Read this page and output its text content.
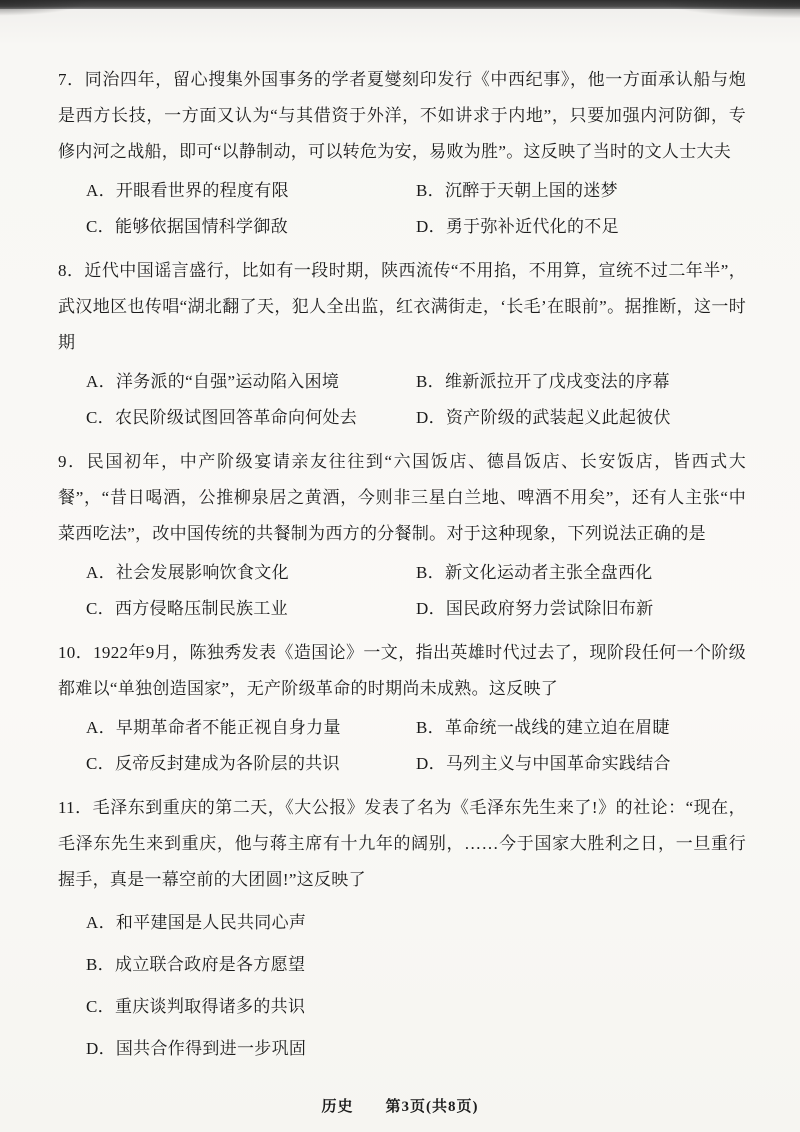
7．同治四年，留心搜集外国事务的学者夏燮刻印发行《中西纪事》，他一方面承认船与炮是西方长技，一方面又认为“与其借资于外洋，不如讲求于内地”，只要加强内河防御，专修内河之战船，即可“以静制动，可以转危为安，易败为胜”。这反映了当时的文人士大夫

A．开眼看世界的程度有限	B．沉醉于天朝上国的迷梦
C．能够依据国情科学御敌	D．勇于弥补近代化的不足

8．近代中国谣言盛行，比如有一段时期，陕西流传“不用掐，不用算，宣统不过二年半”，武汉地区也传唱“湖北翻了天，犯人全出监，红衣满街走，‘长毛’在眼前”。据推断，这一时期

A．洋务派的“自强”运动陷入困境	B．维新派拉开了戊戌变法的序幕
C．农民阶级试图回答革命向何处去	D．资产阶级的武装起义此起彼伏

9．民国初年，中产阶级宴请亲友往往到“六国饭店、德昌饭店、长安饭店，皆西式大餐”，“昔日喝酒，公推柳泉居之黄酒，今则非三星白兰地、啤酒不用矣”，还有人主张“中菜西吃法”，改中国传统的共餐制为西方的分餐制。对于这种现象，下列说法正确的是

A．社会发展影响饮食文化	B．新文化运动者主张全盘西化
C．西方侵略压制民族工业	D．国民政府努力尝试除旧布新

10．1922年9月，陈独秀发表《造国论》一文，指出英雄时代过去了，现阶段任何一个阶级都难以“单独创造国家”，无产阶级革命的时期尚未成熟。这反映了

A．早期革命者不能正视自身力量	B．革命统一战线的建立迫在眉睫
C．反帝反封建成为各阶层的共识	D．马列主义与中国革命实践结合

11．毛泽东到重庆的第二天，《大公报》发表了名为《毛泽东先生来了!》的社论：“现在，毛泽东先生来到重庆，他与蒋主席有十九年的阔别，……今于国家大胜利之日，一旦重行握手，真是一幕空前的大团圆!”这反映了

A．和平建国是人民共同心声
B．成立联合政府是各方愿望
C．重庆谈判取得诸多的共识
D．国共合作得到进一步巩固
历史　　第3页(共8页)
